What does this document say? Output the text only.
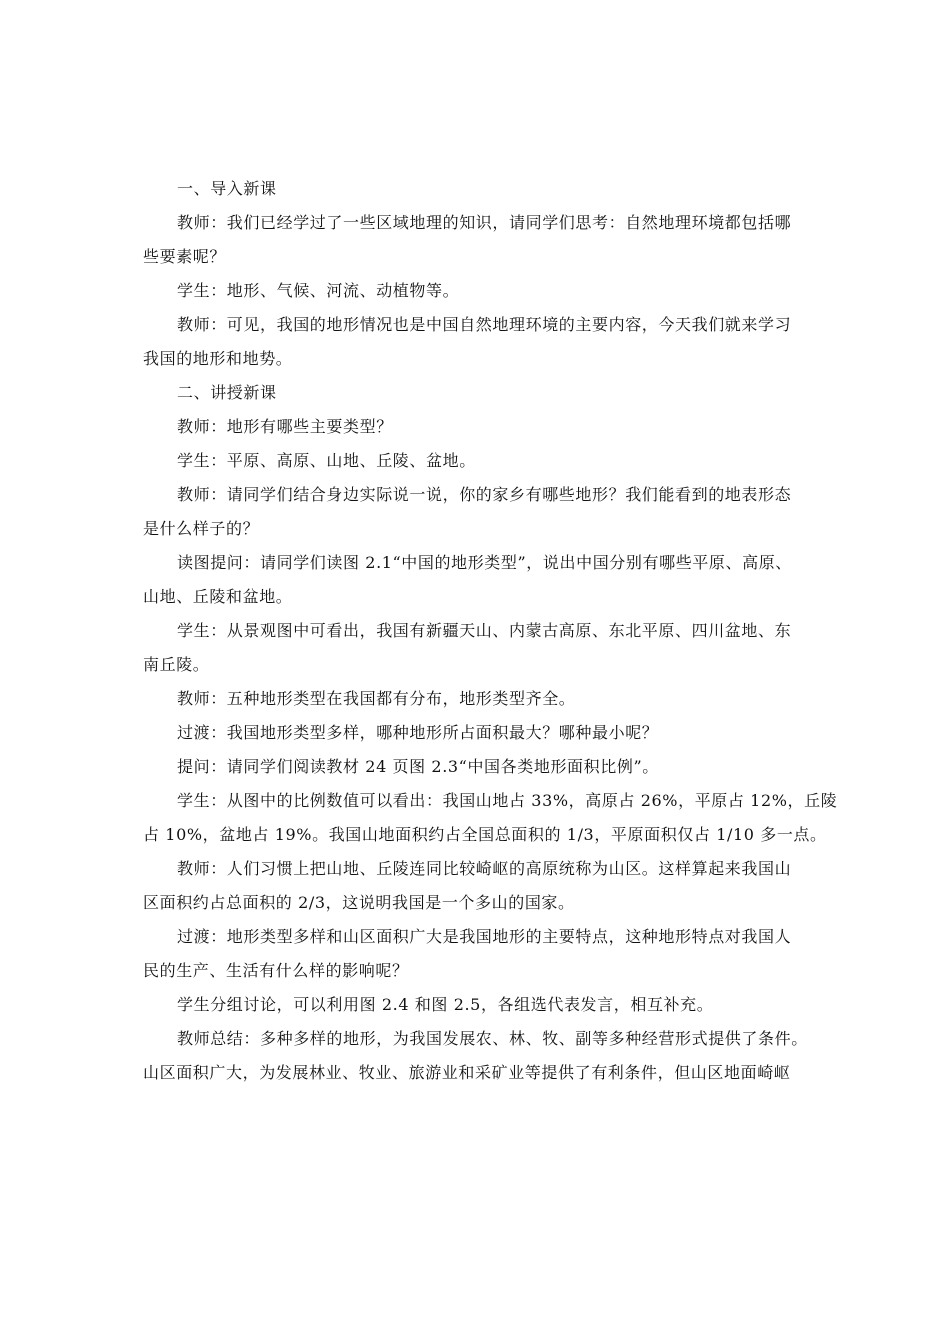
一、导入新课
教师：我们已经学过了一些区域地理的知识，请同学们思考：自然地理环境都包括哪
些要素呢？
学生：地形、气候、河流、动植物等。
教师：可见，我国的地形情况也是中国自然地理环境的主要内容，今天我们就来学习
我国的地形和地势。
二、讲授新课
教师：地形有哪些主要类型？
学生：平原、高原、山地、丘陵、盆地。
教师：请同学们结合身边实际说一说，你的家乡有哪些地形？我们能看到的地表形态
是什么样子的？
读图提问：请同学们读图 2.1“中国的地形类型”，说出中国分别有哪些平原、高原、
山地、丘陵和盆地。
学生：从景观图中可看出，我国有新疆天山、内蒙古高原、东北平原、四川盆地、东
南丘陵。
教师：五种地形类型在我国都有分布，地形类型齐全。
过渡：我国地形类型多样，哪种地形所占面积最大？哪种最小呢？
提问：请同学们阅读教材 24 页图 2.3“中国各类地形面积比例”。
学生：从图中的比例数值可以看出：我国山地占 33%，高原占 26%，平原占 12%，丘陵
占 10%，盆地占 19%。我国山地面积约占全国总面积的 1/3，平原面积仅占 1/10 多一点。
教师：人们习惯上把山地、丘陵连同比较崎岖的高原统称为山区。这样算起来我国山
区面积约占总面积的 2/3，这说明我国是一个多山的国家。
过渡：地形类型多样和山区面积广大是我国地形的主要特点，这种地形特点对我国人
民的生产、生活有什么样的影响呢？
学生分组讨论，可以利用图 2.4 和图 2.5，各组选代表发言，相互补充。
教师总结：多种多样的地形，为我国发展农、林、牧、副等多种经营形式提供了条件。
山区面积广大，为发展林业、牧业、旅游业和采矿业等提供了有利条件，但山区地面崎岖
